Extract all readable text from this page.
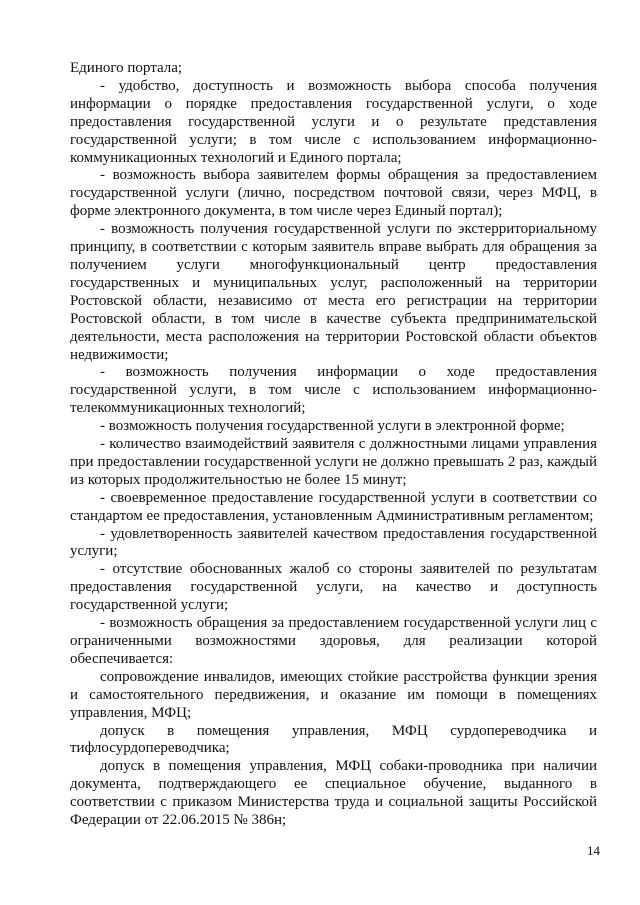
Единого портала;

- удобство, доступность и возможность выбора способа получения информации о порядке предоставления государственной услуги, о ходе предоставления государственной услуги и о результате представления государственной услуги; в том числе с использованием информационно-коммуникационных технологий и Единого портала;

- возможность выбора заявителем формы обращения за предоставлением государственной услуги (лично, посредством почтовой связи, через МФЦ, в форме электронного документа, в том числе через Единый портал);

- возможность получения государственной услуги по экстерриториальному принципу, в соответствии с которым заявитель вправе выбрать для обращения за получением услуги многофункциональный центр предоставления государственных и муниципальных услуг, расположенный на территории Ростовской области, независимо от места его регистрации на территории Ростовской области, в том числе в качестве субъекта предпринимательской деятельности, места расположения на территории Ростовской области объектов недвижимости;

- возможность получения информации о ходе предоставления государственной услуги, в том числе с использованием информационно-телекоммуникационных технологий;

- возможность получения государственной услуги в электронной форме;

- количество взаимодействий заявителя с должностными лицами управления при предоставлении государственной услуги не должно превышать 2 раз, каждый из которых продолжительностью не более 15 минут;

- своевременное предоставление государственной услуги в соответствии со стандартом ее предоставления, установленным Административным регламентом;

- удовлетворенность заявителей качеством предоставления государственной услуги;

- отсутствие обоснованных жалоб со стороны заявителей по результатам предоставления государственной услуги, на качество и доступность государственной услуги;

- возможность обращения за предоставлением государственной услуги лиц с ограниченными возможностями здоровья, для реализации которой обеспечивается:

сопровождение инвалидов, имеющих стойкие расстройства функции зрения и самостоятельного передвижения, и оказание им помощи в помещениях управления, МФЦ;

допуск в помещения управления, МФЦ сурдопереводчика и тифлосурдопереводчика;

допуск в помещения управления, МФЦ собаки-проводника при наличии документа, подтверждающего ее специальное обучение, выданного в соответствии с приказом Министерства труда и социальной защиты Российской Федерации от 22.06.2015 № 386н;

14
